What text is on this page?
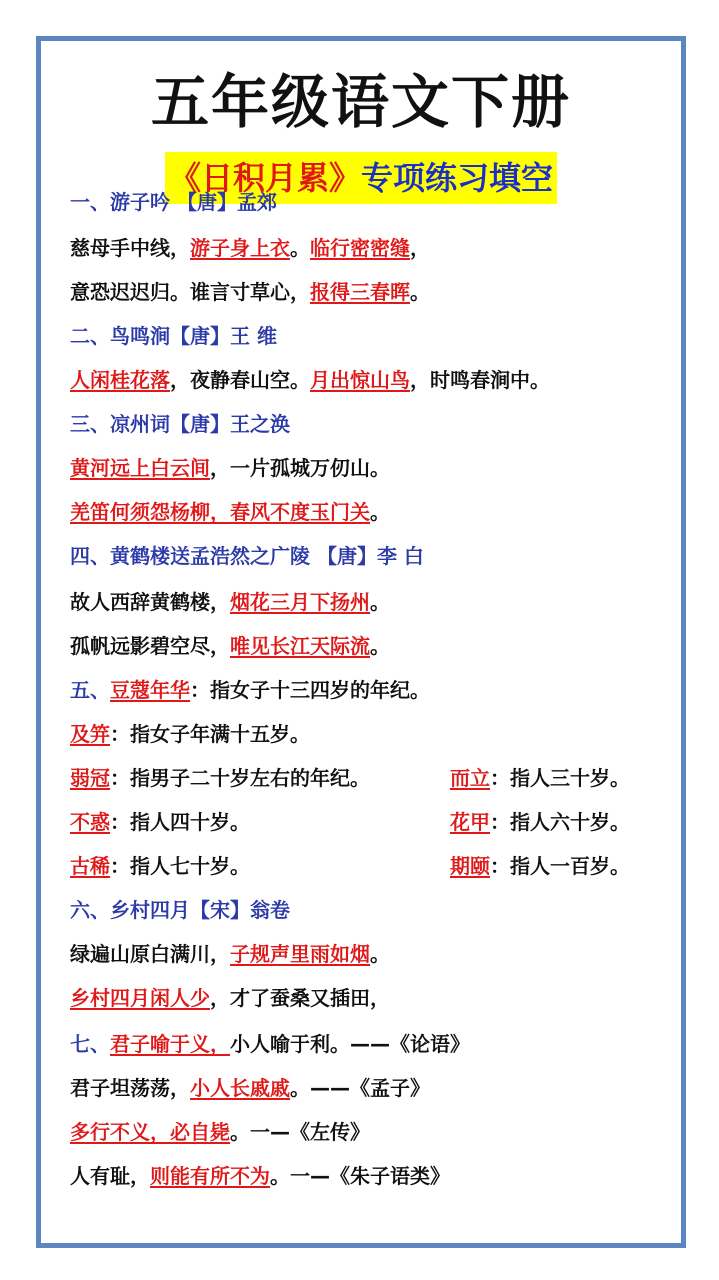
五年级语文下册
《日积月累》专项练习填空
一、游子吟 【唐】孟郊
慈母手中线，游子身上衣。临行密密缝，
意恐迟迟归。谁言寸草心，报得三春晖。
二、鸟鸣涧【唐】王 维
人闲桂花落，夜静春山空。月出惊山鸟，时鸣春涧中。
三、凉州词【唐】王之涣
黄河远上白云间，一片孤城万仞山。
羌笛何须怨杨柳，春风不度玉门关。
四、黄鹤楼送孟浩然之广陵 【唐】李 白
故人西辞黄鹤楼，烟花三月下扬州。
孤帆远影碧空尽，唯见长江天际流。
五、豆蔻年华：指女子十三四岁的年纪。
及笄：指女子年满十五岁。
弱冠：指男子二十岁左右的年纪。	而立：指人三十岁。
不惑：指人四十岁。	花甲：指人六十岁。
古稀：指人七十岁。	期颐：指人一百岁。
六、乡村四月【宋】翁卷
绿遍山原白满川，子规声里雨如烟。
乡村四月闲人少，才了蚕桑又插田，
七、君子喻于义，小人喻于利。——《论语》
君子坦荡荡，小人长戚戚。——《孟子》
多行不义，必自毙。一—《左传》
人有耻，则能有所不为。一—《朱子语类》
